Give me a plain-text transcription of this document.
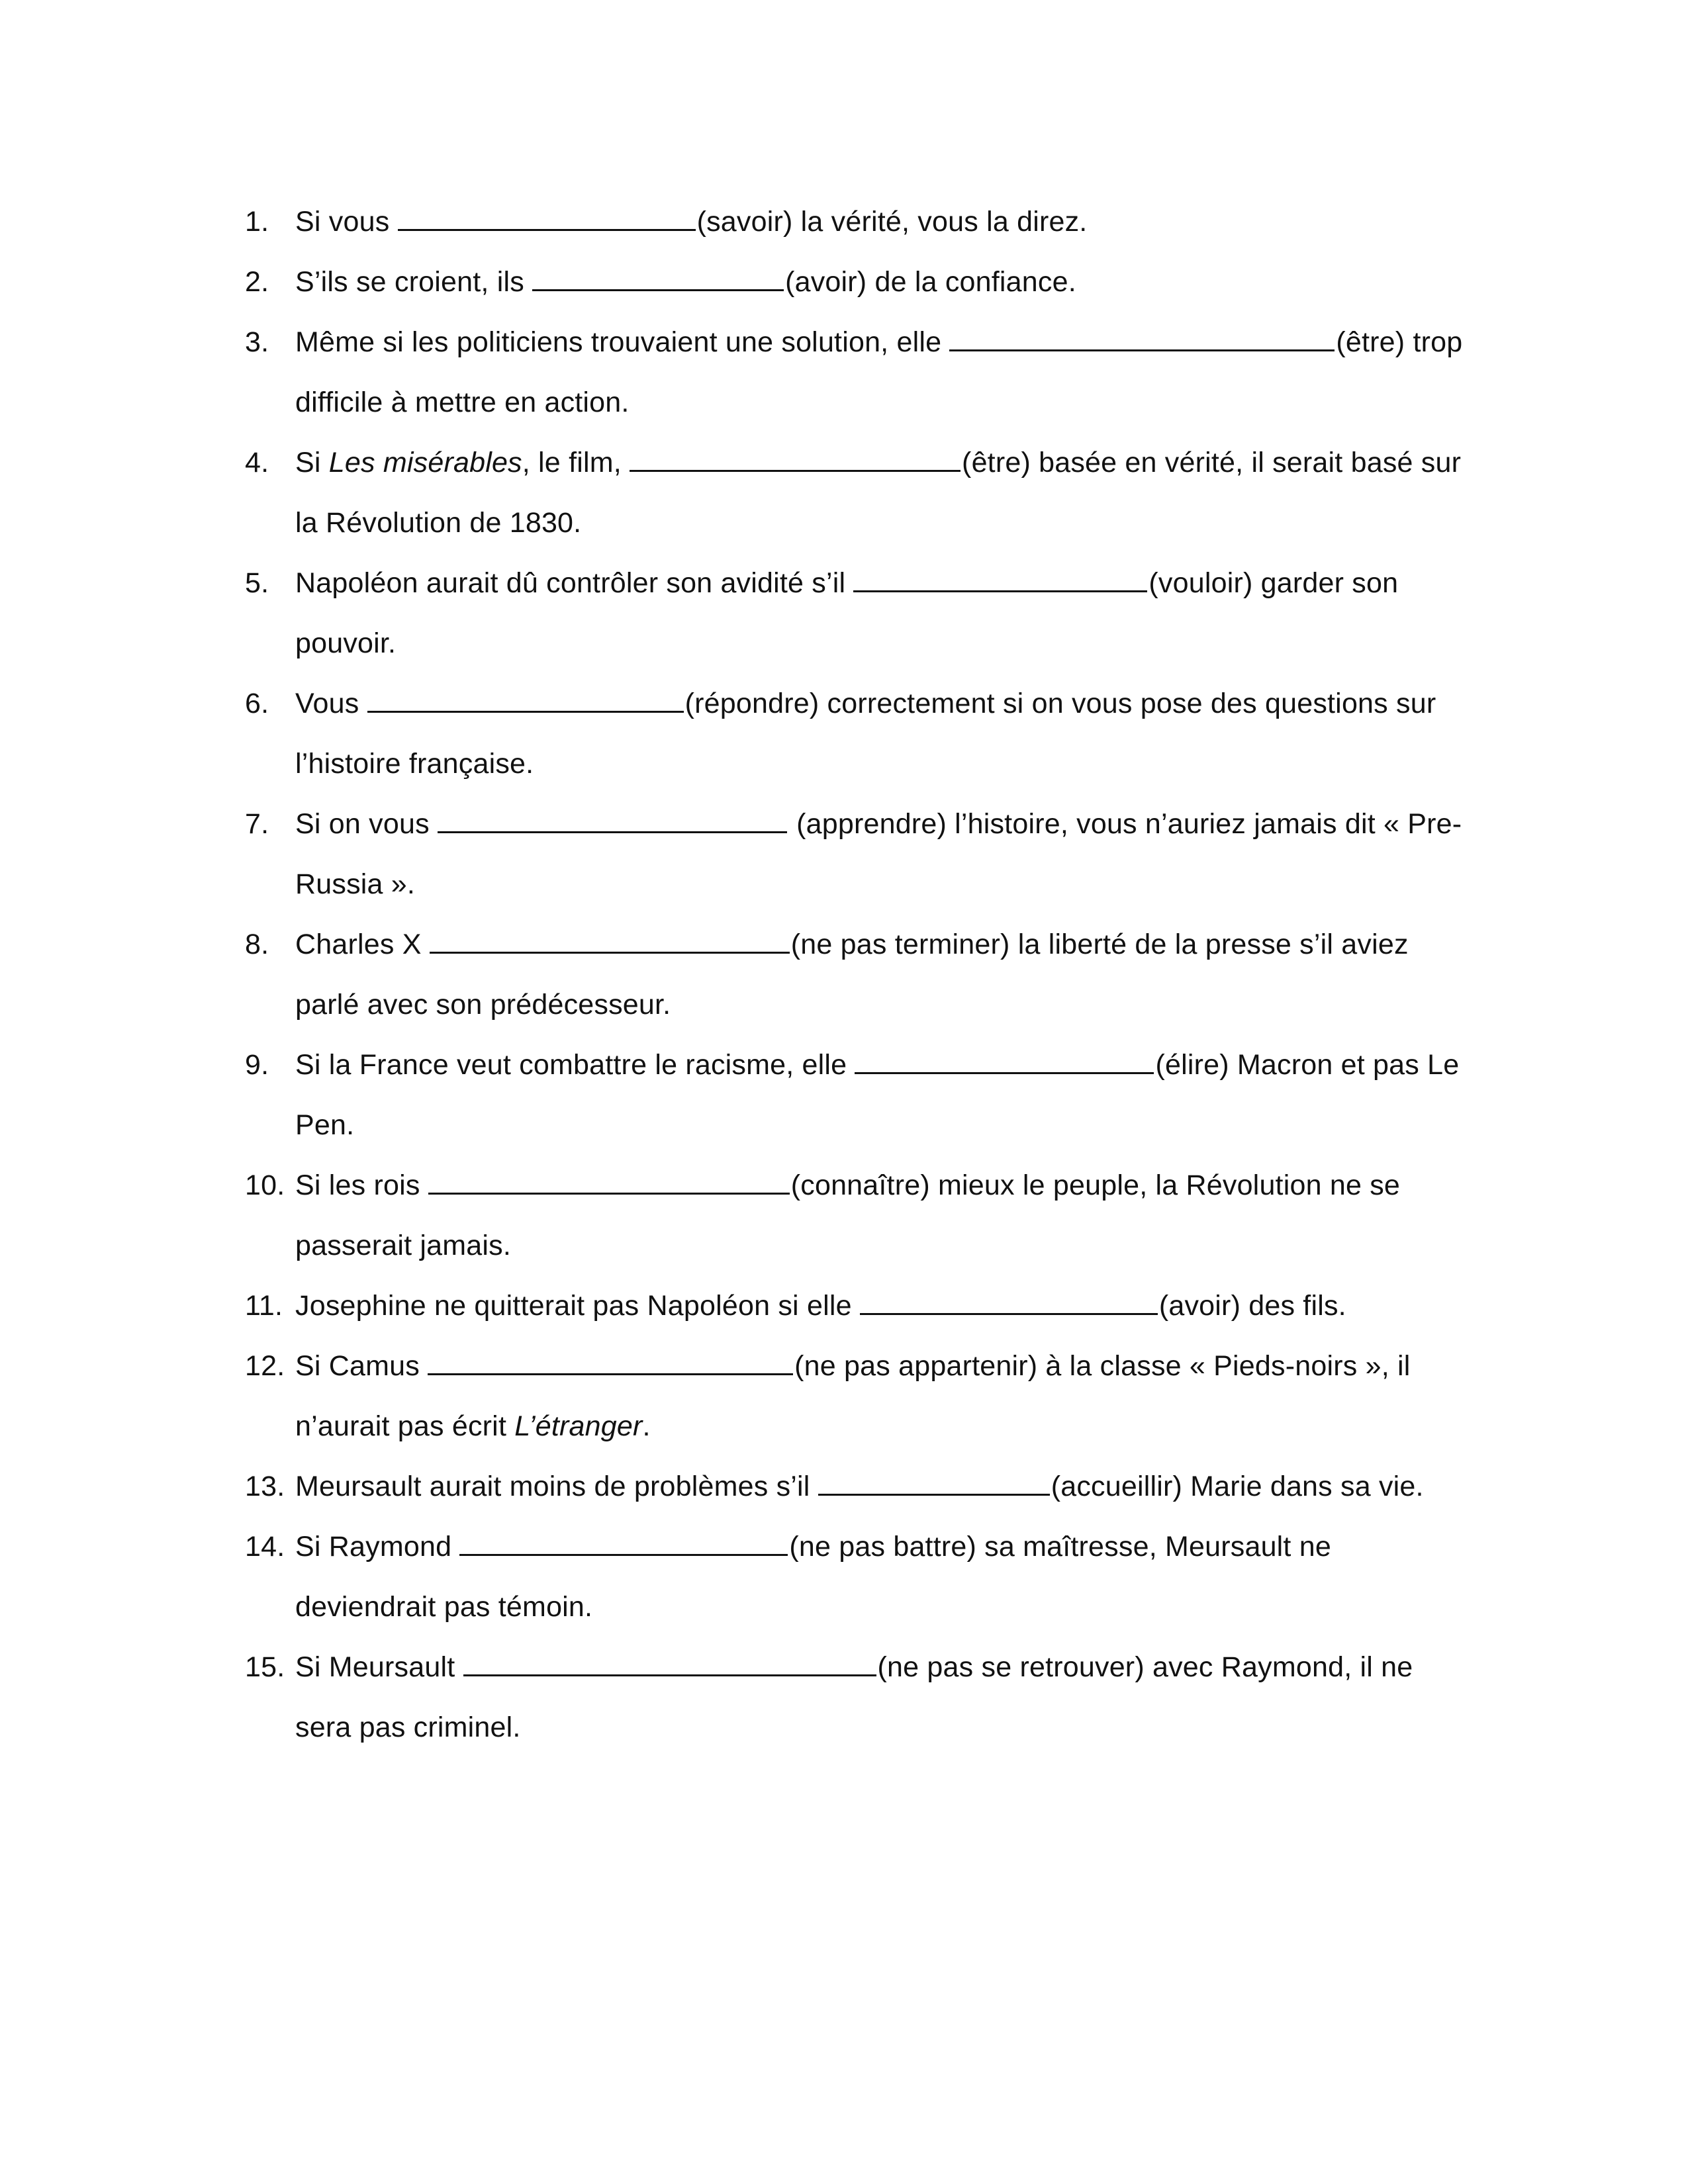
1. Si vous	(savoir) la vérité, vous la direz.
2. S’ils se croient, ils	(avoir) de la confiance.
3. Même si les politiciens trouvaient une solution, elle	(être) trop difficile à mettre en action.
4. Si Les misérables, le film,	(être) basée en vérité, il serait basé sur la Révolution de 1830.
5. Napoléon aurait dû contrôler son avidité s’il	(vouloir) garder son pouvoir.
6. Vous	(répondre) correctement si on vous pose des questions sur l’histoire française.
7. Si on vous	(apprendre) l’histoire, vous n’auriez jamais dit « Pre-Russia ».
8. Charles X	(ne pas terminer) la liberté de la presse s’il aviez parlé avec son prédécesseur.
9. Si la France veut combattre le racisme, elle	(élire) Macron et pas Le Pen.
10. Si les rois	(connaître) mieux le peuple, la Révolution ne se passerait jamais.
11. Josephine ne quitterait pas Napoléon si elle	(avoir) des fils.
12. Si Camus	(ne pas appartenir) à la classe « Pieds-noirs », il n’aurait pas écrit L’étranger.
13. Meursault aurait moins de problèmes s’il	(accueillir) Marie dans sa vie.
14. Si Raymond	(ne pas battre) sa maîtresse, Meursault ne deviendrait pas témoin.
15. Si Meursault	(ne pas se retrouver) avec Raymond, il ne sera pas criminel.
